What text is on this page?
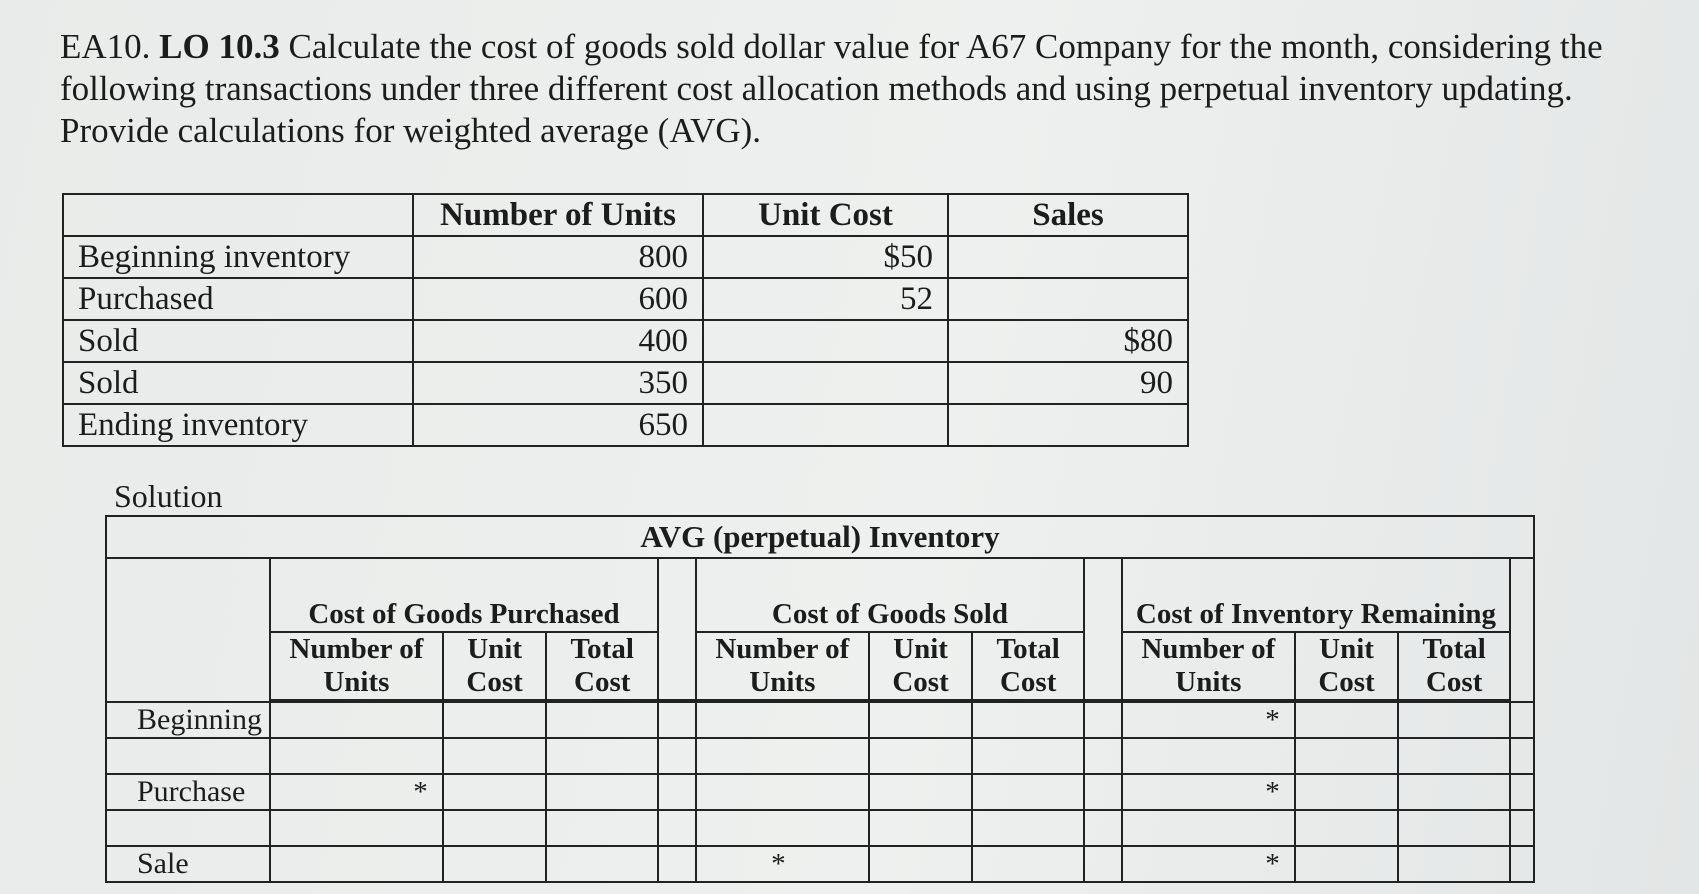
EA10. LO 10.3 Calculate the cost of goods sold dollar value for A67 Company for the month, considering the following transactions under three different cost allocation methods and using perpetual inventory updating. Provide calculations for weighted average (AVG).
	Number of Units	Unit Cost	Sales
Beginning inventory	800	$50	
Purchased	600	52	
Sold	400		$80
Sold	350		90
Ending inventory	650		
Solution
AVG (perpetual) Inventory												
	Cost of Goods Purchased				Cost of Goods Sold				Cost of Inventory Remaining			
	Number of Units	Unit Cost	Total Cost		Number of Units	Unit Cost	Total Cost		Number of Units	Unit Cost	Total Cost	

Beginning									*			

Purchase	*								*			

Sale					*				*			
